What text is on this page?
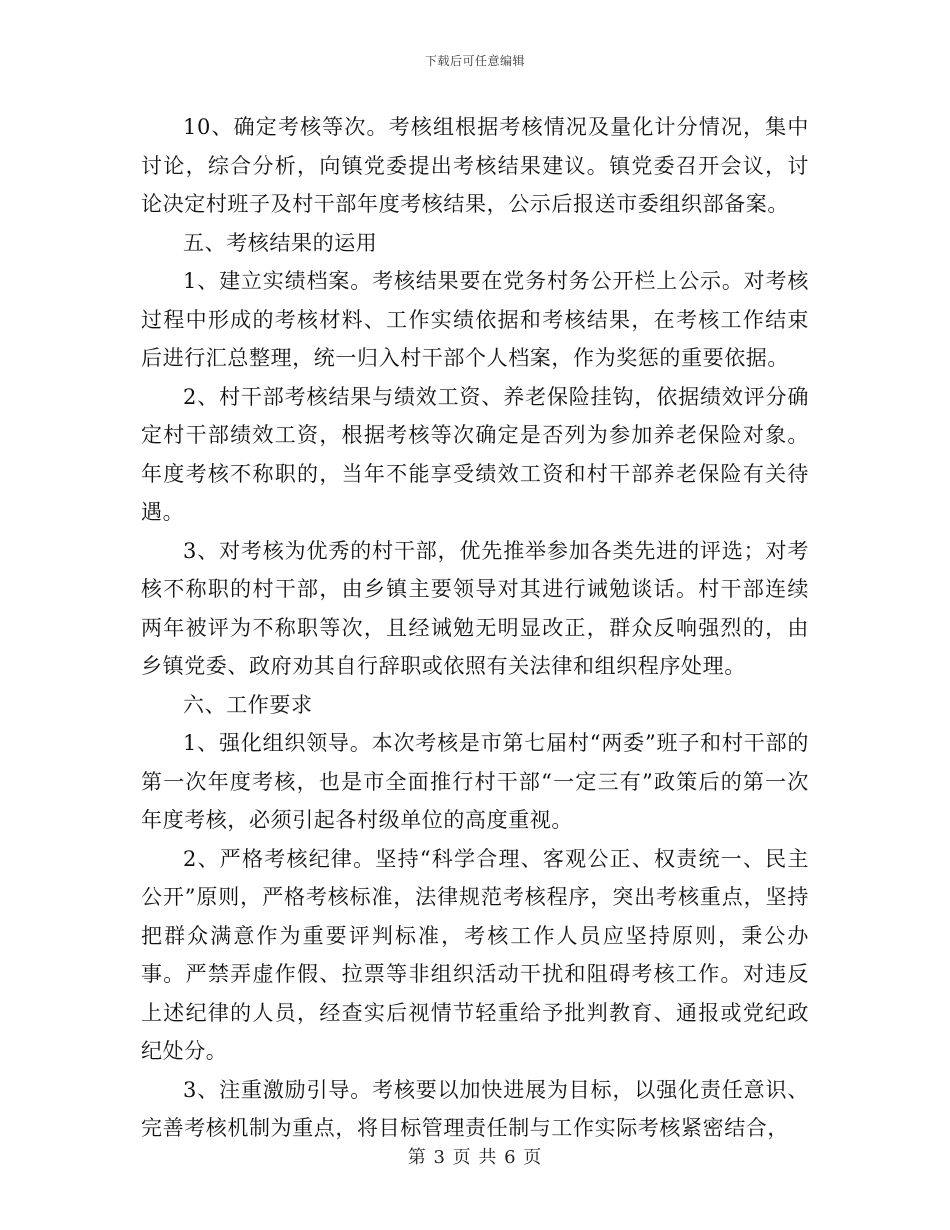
下载后可任意编辑

10、确定考核等次。考核组根据考核情况及量化计分情况，集中讨论，综合分析，向镇党委提出考核结果建议。镇党委召开会议，讨论决定村班子及村干部年度考核结果，公示后报送市委组织部备案。

五、考核结果的运用

1、建立实绩档案。考核结果要在党务村务公开栏上公示。对考核过程中形成的考核材料、工作实绩依据和考核结果，在考核工作结束后进行汇总整理，统一归入村干部个人档案，作为奖惩的重要依据。

2、村干部考核结果与绩效工资、养老保险挂钩，依据绩效评分确定村干部绩效工资，根据考核等次确定是否列为参加养老保险对象。年度考核不称职的，当年不能享受绩效工资和村干部养老保险有关待遇。

3、对考核为优秀的村干部，优先推举参加各类先进的评选；对考核不称职的村干部，由乡镇主要领导对其进行诫勉谈话。村干部连续两年被评为不称职等次，且经诫勉无明显改正，群众反响强烈的，由乡镇党委、政府劝其自行辞职或依照有关法律和组织程序处理。

六、工作要求

1、强化组织领导。本次考核是市第七届村“两委”班子和村干部的第一次年度考核，也是市全面推行村干部“一定三有”政策后的第一次年度考核，必须引起各村级单位的高度重视。

2、严格考核纪律。坚持“科学合理、客观公正、权责统一、民主公开”原则，严格考核标准，法律规范考核程序，突出考核重点，坚持把群众满意作为重要评判标准，考核工作人员应坚持原则，秉公办事。严禁弄虚作假、拉票等非组织活动干扰和阻碍考核工作。对违反上述纪律的人员，经查实后视情节轻重给予批判教育、通报或党纪政纪处分。

3、注重激励引导。考核要以加快进展为目标，以强化责任意识、完善考核机制为重点，将目标管理责任制与工作实际考核紧密结合，

第 3 页 共 6 页
